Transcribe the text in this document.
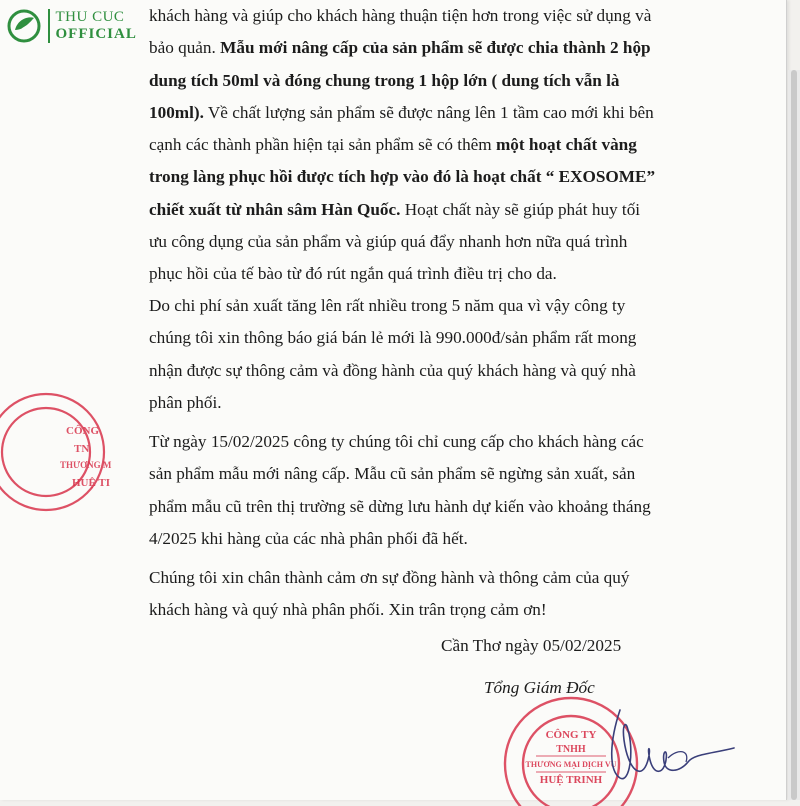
THU CUC
OFFICIAL
khách hàng và giúp cho khách hàng thuận tiện hơn trong việc sử dụng và
bảo quản. Mẫu mới nâng cấp của sản phẩm sẽ được chia thành 2 hộp
dung tích 50ml và đóng chung trong 1 hộp lớn ( dung tích vẫn là
100ml). Về chất lượng sản phẩm sẽ được nâng lên 1 tầm cao mới khi bên
cạnh các thành phần hiện tại sản phẩm sẽ có thêm một hoạt chất vàng
trong làng phục hồi được tích hợp vào đó là hoạt chất “ EXOSOME”
chiết xuất từ nhân sâm Hàn Quốc. Hoạt chất này sẽ giúp phát huy tối
ưu công dụng của sản phẩm và giúp quá đẩy nhanh hơn nữa quá trình
phục hồi của tế bào từ đó rút ngắn quá trình điều trị cho da.
Do chi phí sản xuất tăng lên rất nhiều trong 5 năm qua vì vậy công ty
chúng tôi xin thông báo giá bán lẻ mới là 990.000đ/sản phẩm rất mong
nhận được sự thông cảm và đồng hành của quý khách hàng và quý nhà
phân phối.
Từ ngày 15/02/2025 công ty chúng tôi chỉ cung cấp cho khách hàng các
sản phẩm mẫu mới nâng cấp. Mẫu cũ sản phẩm sẽ ngừng sản xuất, sản
phẩm mẫu cũ trên thị trường sẽ dừng lưu hành dự kiến vào khoảng tháng
4/2025 khi hàng của các nhà phân phối đã hết.
Chúng tôi xin chân thành cảm ơn sự đồng hành và thông cảm của quý
khách hàng và quý nhà phân phối. Xin trân trọng cảm ơn!
Cần Thơ ngày 05/02/2025
Tổng Giám Đốc
CÔNG
TN
THƯƠNG M
HUỆ TI
CÔNG TY
TNHH
THƯƠNG MẠI DỊCH VỤ
HUỆ TRINH
